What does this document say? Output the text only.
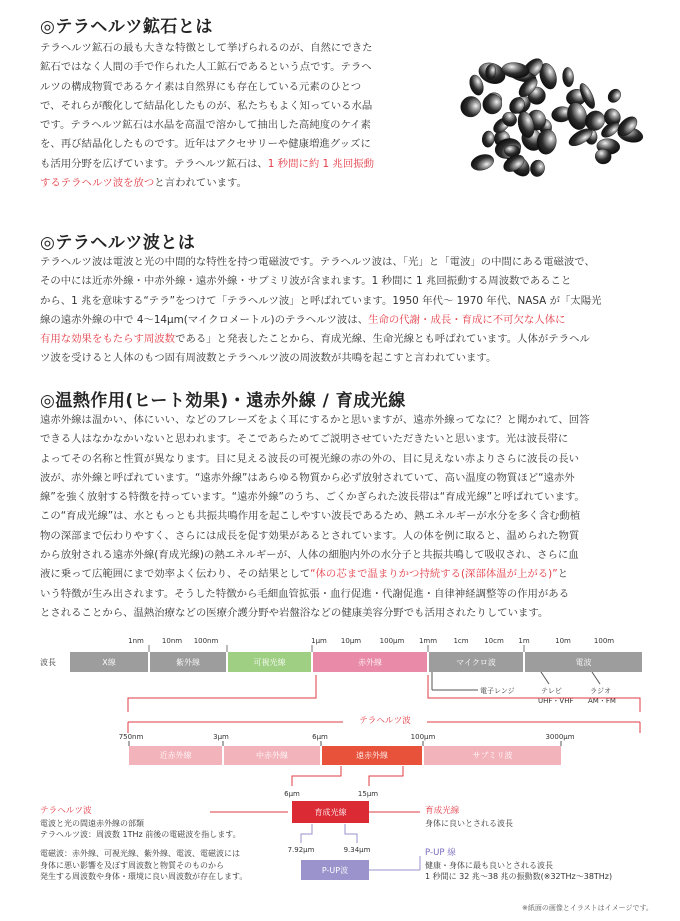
◎テラヘルツ鉱石とは
テラヘルツ鉱石の最も大きな特徴として挙げられるのが、自然にできた
鉱石ではなく人間の手で作られた人工鉱石であるという点です。テラヘ
ルツの構成物質であるケイ素は自然界にも存在している元素のひとつ
で、それらが酸化して結晶化したものが、私たちもよく知っている水晶
です。テラヘルツ鉱石は水晶を高温で溶かして抽出した高純度のケイ素
を、再び結晶化したものです。近年はアクセサリーや健康増進グッズに
も活用分野を広げています。テラヘルツ鉱石は、1 秒間に約 1 兆回振動
するテラヘルツ波を放つと言われています。
◎テラヘルツ波とは
テラヘルツ波は電波と光の中間的な特性を持つ電磁波です。テラヘルツ波は、「光」と「電波」の中間にある電磁波で、
その中には近赤外線・中赤外線・遠赤外線・サブミリ波が含まれます。1 秒間に 1 兆回振動する周波数であること
から、1 兆を意味する“テラ”をつけて「テラヘルツ波」と呼ばれています。1950 年代～ 1970 年代、NASA が「太陽光
線の遠赤外線の中で 4〜14μm(マイクロメートル)のテラヘルツ波は、生命の代謝・成長・育成に不可欠な人体に
有用な効果をもたらす周波数である」と発表したことから、育成光線、生命光線とも呼ばれています。人体がテラヘル
ツ波を受けると人体のもつ固有周波数とテラヘルツ波の周波数が共鳴を起こすと言われています。
◎温熱作用(ヒート効果)・遠赤外線 / 育成光線
遠赤外線は温かい、体にいい、などのフレーズをよく耳にするかと思いますが、遠赤外線ってなに？と聞かれて、回答
できる人はなかなかいないと思われます。そこであらためてご説明させていただきたいと思います。光は波長帯に
よってその名称と性質が異なります。目に見える波長の可視光線の赤の外の、目に見えない赤よりさらに波長の長い
波が、赤外線と呼ばれています。“遠赤外線”はあらゆる物質から必ず放射されていて、高い温度の物質ほど“遠赤外
線”を強く放射する特徴を持っています。“遠赤外線”のうち、ごくかぎられた波長帯は“育成光線”と呼ばれています。
この“育成光線”は、水ともっとも共振共鳴作用を起こしやすい波長であるため、熱エネルギーが水分を多く含む動植
物の深部まで伝わりやすく、さらには成長を促す効果があるとされています。人の体を例に取ると、温められた物質
から放射される遠赤外線(育成光線)の熱エネルギーが、人体の細胞内外の水分子と共振共鳴して吸収され、さらに血
液に乗って広範囲にまで効率よく伝わり、その結果として“体の芯まで温まりかつ持続する(深部体温が上がる)”と
いう特徴が生み出されます。そうした特徴から毛細血管拡張・血行促進・代謝促進・自律神経調整等の作用がある
とされることから、温熱治療などの医療介護分野や岩盤浴などの健康美容分野でも活用されたりしています。
波長
1nm	10nm 100nm	1μm 10μm	100μm 1mm 1cm 10cm 1m	10m	100m
X線	紫外線	可視光線	赤外線	マイクロ波	電波
電子レンジ	テレビ
UHF・VHF
ラジオ
AM・FM
テラヘルツ波
750nm	3μm	6μm	100μm	3000μm
近赤外線	中赤外線	遠赤外線	サブミリ波
6μm	15μm
育成光線
7.92μm	9.34μm
P-UP波
テラヘルツ波
電波と光の間遠赤外線の部類
テラヘルツ波：周波数 1THz 前後の電磁波を指します。
電磁波：赤外線、可視光線、紫外線、電波、電磁波には
身体に悪い影響を及ぼす周波数と物質そのものから
発生する周波数や身体・環境に良い周波数が存在します。
育成光線
身体に良いとされる波長
P-UP 線
健康・身体に最も良いとされる波長
1 秒間に 32 兆〜38 兆の振動数(※32THz〜38THz)
※紙面の画像とイラストはイメージです。
